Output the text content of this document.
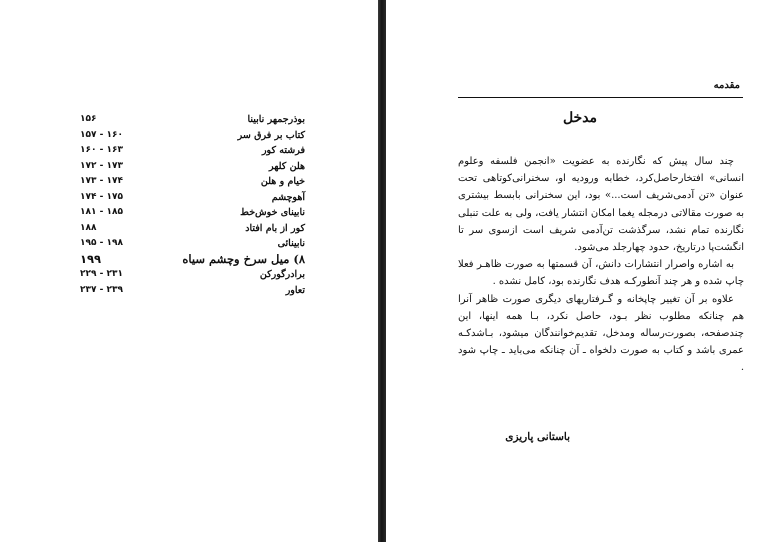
۱۵۶	بوذرجمهر نابینا
۱۵۷ - ۱۶۰	کتاب بر فرق سر
۱۶۰ - ۱۶۳	فرشته کور
۱۷۲ - ۱۷۳	هلن کلهر
۱۷۳ - ۱۷۴	خیام و هلن
۱۷۴ - ۱۷۵	آهوچشم
۱۸۱ - ۱۸۵	نابینای خوش‌خط
۱۸۸	کور از بام افتاد
۱۹۵ - ۱۹۸	نابینائی
۱۹۹	۸) میل سرخ وچشم سیاه
۲۲۹ - ۲۳۱	برادرگورکن
۲۳۷ - ۲۳۹	تعاور
مقدمه
مدخل

چند سال پیش که نگارنده به عضویت «انجمن فلسفه وعلوم انسانی» افتخارحاصل‌کرد، خطابه ورودیه او، سخنرانی‌کوتاهی تحت عنوان «تن آدمی‌شریف است...» بود، این سخنرانی بابسط بیشتری به صورت مقالاتی درمجله یغما امکان انتشار یافت، ولی به علت تنبلی نگارنده تمام نشد، سرگذشت تن‌آدمی شریف است ازسوی سر تا انگشت‌پا درتاریخ، حدود چهارجلد می‌شود.

به اشاره واصرار انتشارات دانش، آن قسمتها به صورت ظاهـر فعلا چاپ شده و هر چند آنطورکـه هدف نگارنده بود، کامل نشده .

علاوه بر آن تغییر چاپخانه و گـرفتاریهای دیگری صورت ظاهر آنرا هم چنانکه مطلوب نظر بـود، حاصل نکرد، بـا همه اینها، این چندصفحه، بصورت‌رساله ومدخل، تقدیم‌خوانندگان میشود، بـاشدکـه عمری باشد و کتاب به صورت دلخواه ـ آن چنانکه می‌باید ـ چاپ شود .

باستانی پاریزی
